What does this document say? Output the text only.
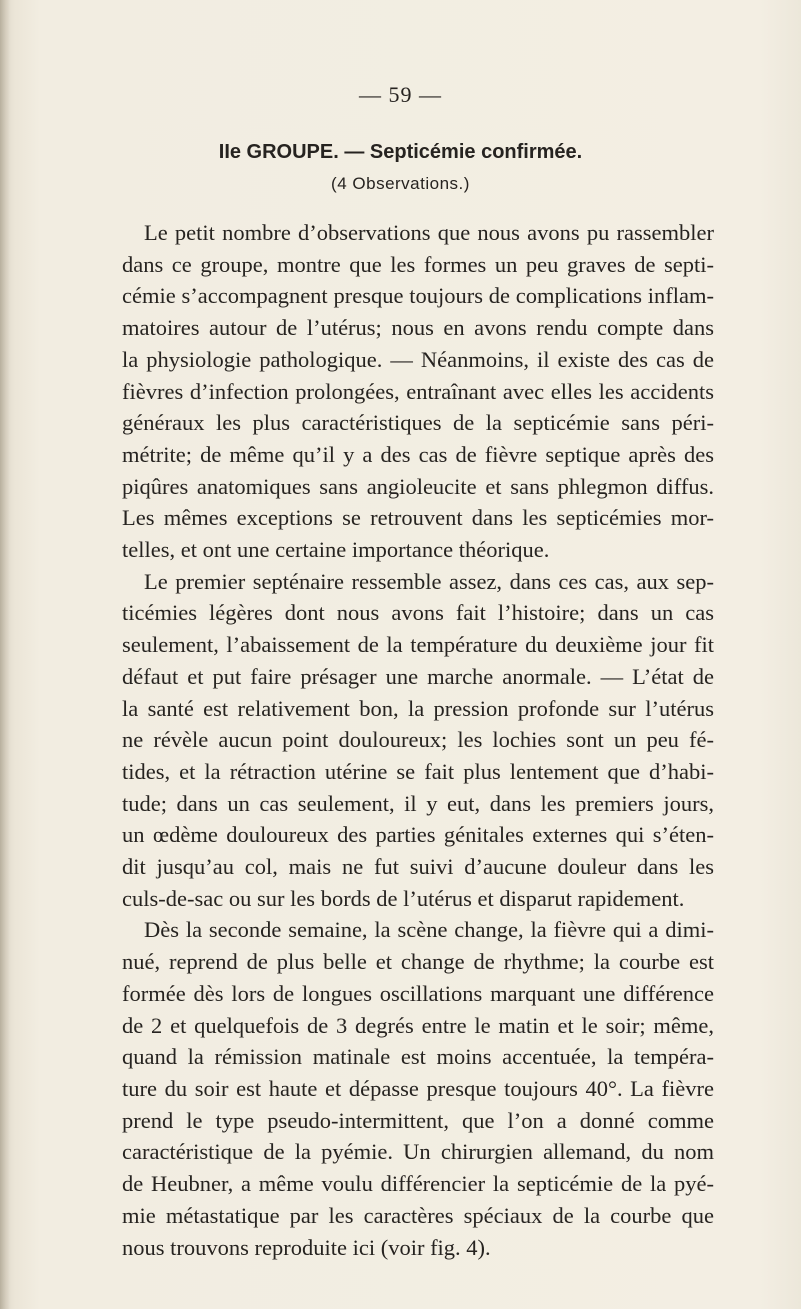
— 59 —
IIe GROUPE. — Septicémie confirmée.
(4 Observations.)
Le petit nombre d’observations que nous avons pu rassembler
dans ce groupe, montre que les formes un peu graves de septi-
cémie s’accompagnent presque toujours de complications inflam-
matoires autour de l’utérus; nous en avons rendu compte dans
la physiologie pathologique. — Néanmoins, il existe des cas de
fièvres d’infection prolongées, entraînant avec elles les accidents
généraux les plus caractéristiques de la septicémie sans péri-
métrite; de même qu’il y a des cas de fièvre septique après des
piqûres anatomiques sans angioleucite et sans phlegmon diffus.
Les mêmes exceptions se retrouvent dans les septicémies mor-
telles, et ont une certaine importance théorique.
Le premier septénaire ressemble assez, dans ces cas, aux sep-
ticémies légères dont nous avons fait l’histoire; dans un cas
seulement, l’abaissement de la température du deuxième jour fit
défaut et put faire présager une marche anormale. — L’état de
la santé est relativement bon, la pression profonde sur l’utérus
ne révèle aucun point douloureux; les lochies sont un peu fé-
tides, et la rétraction utérine se fait plus lentement que d’habi-
tude; dans un cas seulement, il y eut, dans les premiers jours,
un œdème douloureux des parties génitales externes qui s’éten-
dit jusqu’au col, mais ne fut suivi d’aucune douleur dans les
culs-de-sac ou sur les bords de l’utérus et disparut rapidement.
Dès la seconde semaine, la scène change, la fièvre qui a dimi-
nué, reprend de plus belle et change de rhythme; la courbe est
formée dès lors de longues oscillations marquant une différence
de 2 et quelquefois de 3 degrés entre le matin et le soir; même,
quand la rémission matinale est moins accentuée, la tempéra-
ture du soir est haute et dépasse presque toujours 40°. La fièvre
prend le type pseudo-intermittent, que l’on a donné comme
caractéristique de la pyémie. Un chirurgien allemand, du nom
de Heubner, a même voulu différencier la septicémie de la pyé-
mie métastatique par les caractères spéciaux de la courbe que
nous trouvons reproduite ici (voir fig. 4).
